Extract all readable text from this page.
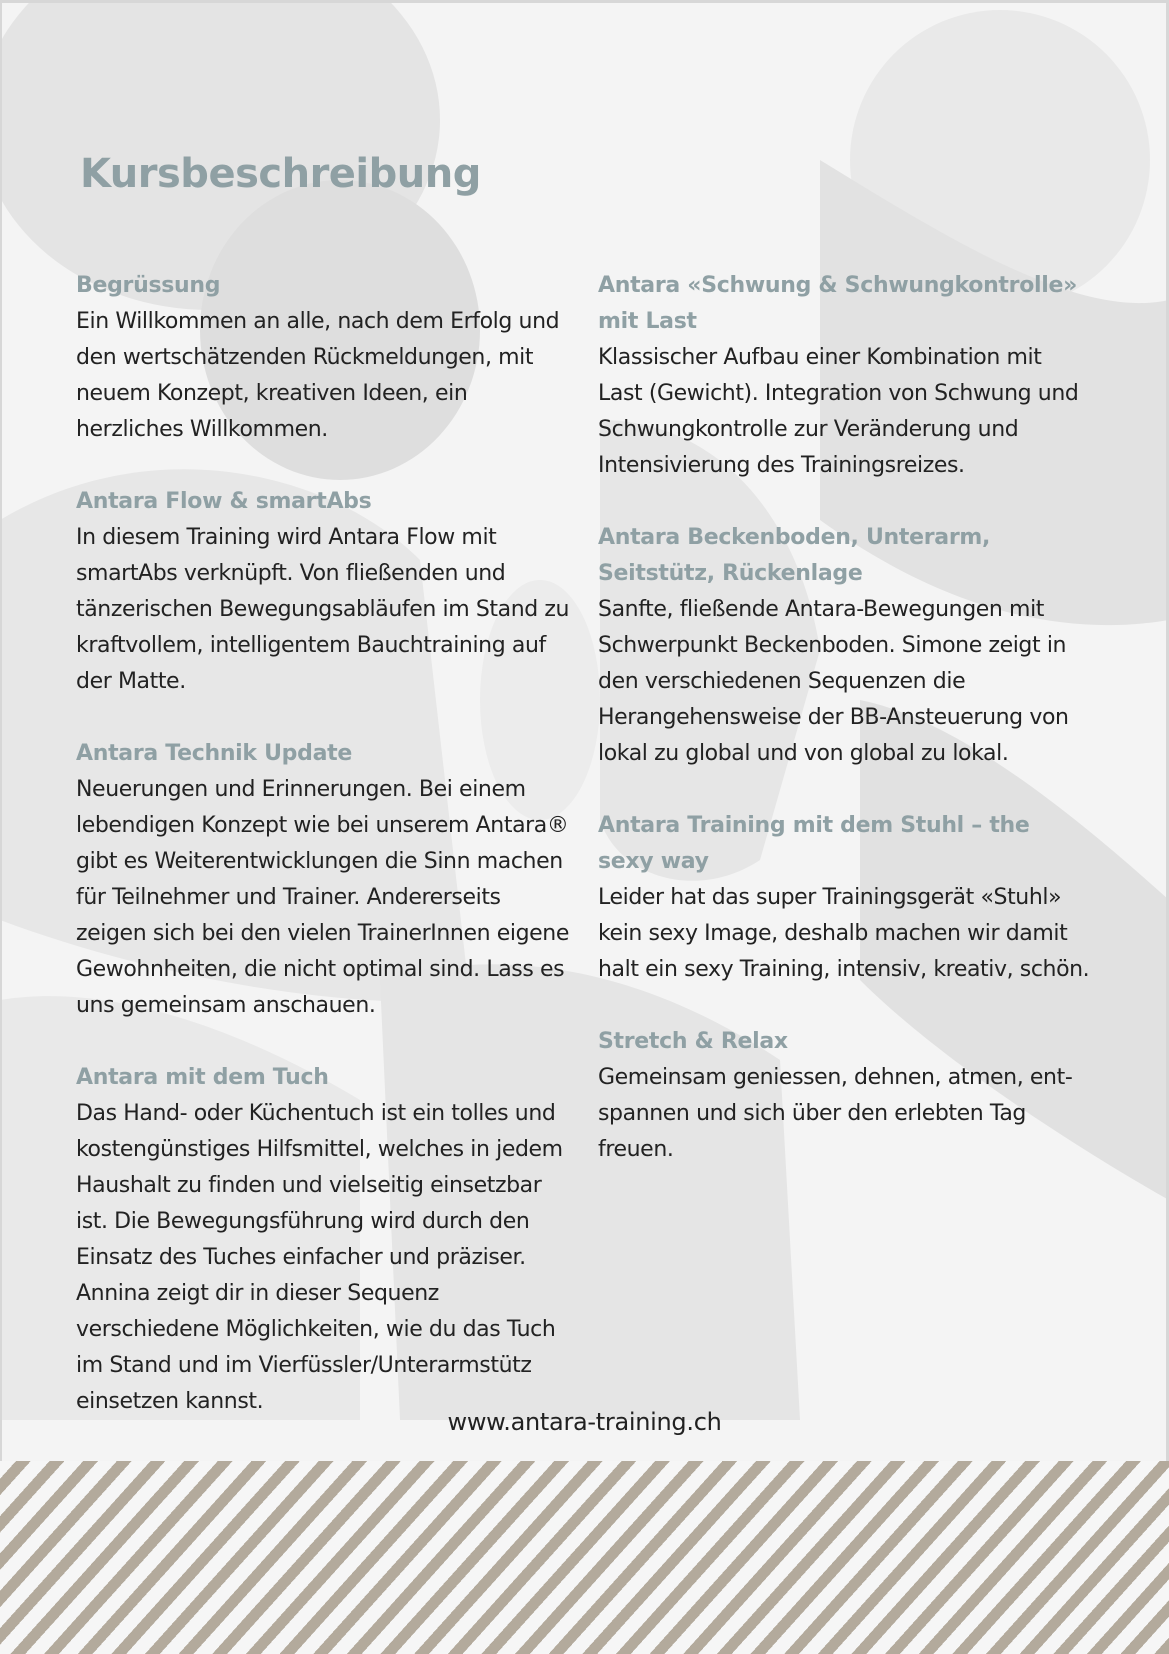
Kursbeschreibung
Begrüssung

Ein Willkommen an alle, nach dem Erfolg und den wertschätzenden Rückmeldungen, mit neuem Konzept, kreativen Ideen, ein herzliches Willkommen.

Antara Flow & smartAbs

In diesem Training wird Antara Flow mit smartAbs verknüpft. Von fließenden und tänzerischen Bewegungsabläufen im Stand zu kraftvollem, intelligentem Bauchtraining auf der Matte.

Antara Technik Update

Neuerungen und Erinnerungen. Bei einem lebendigen Konzept wie bei unserem Antara® gibt es Weiterentwicklungen die Sinn machen für Teilnehmer und Trainer. Andererseits zeigen sich bei den vielen TrainerInnen eigene Gewohnheiten, die nicht optimal sind. Lass es uns gemeinsam anschauen.

Antara mit dem Tuch

Das Hand- oder Küchentuch ist ein tolles und kostengünstiges Hilfsmittel, welches in jedem Haushalt zu finden und vielseitig einsetzbar ist. Die Bewegungsführung wird durch den Einsatz des Tuches einfacher und präziser. Annina zeigt dir in dieser Sequenz verschiedene Möglichkeiten, wie du das Tuch im Stand und im Vierfüssler/Unterarmstütz einsetzen kannst.

Antara «Schwung & Schwungkontrolle» mit Last

Klassischer Aufbau einer Kombination mit Last (Gewicht). Integration von Schwung und Schwungkontrolle zur Veränderung und Intensivierung des Trainingsreizes.

Antara Beckenboden, Unterarm, Seitstütz, Rückenlage

Sanfte, fließende Antara-Bewegungen mit Schwerpunkt Beckenboden. Simone zeigt in den verschiedenen Sequenzen die Herangehensweise der BB-Ansteuerung von lokal zu global und von global zu lokal.

Antara Training mit dem Stuhl – the sexy way

Leider hat das super Trainingsgerät «Stuhl» kein sexy Image, deshalb machen wir damit halt ein sexy Training, intensiv, kreativ, schön.

Stretch & Relax

Gemeinsam geniessen, dehnen, atmen, entspannen und sich über den erlebten Tag freuen.

www.antara-training.ch
